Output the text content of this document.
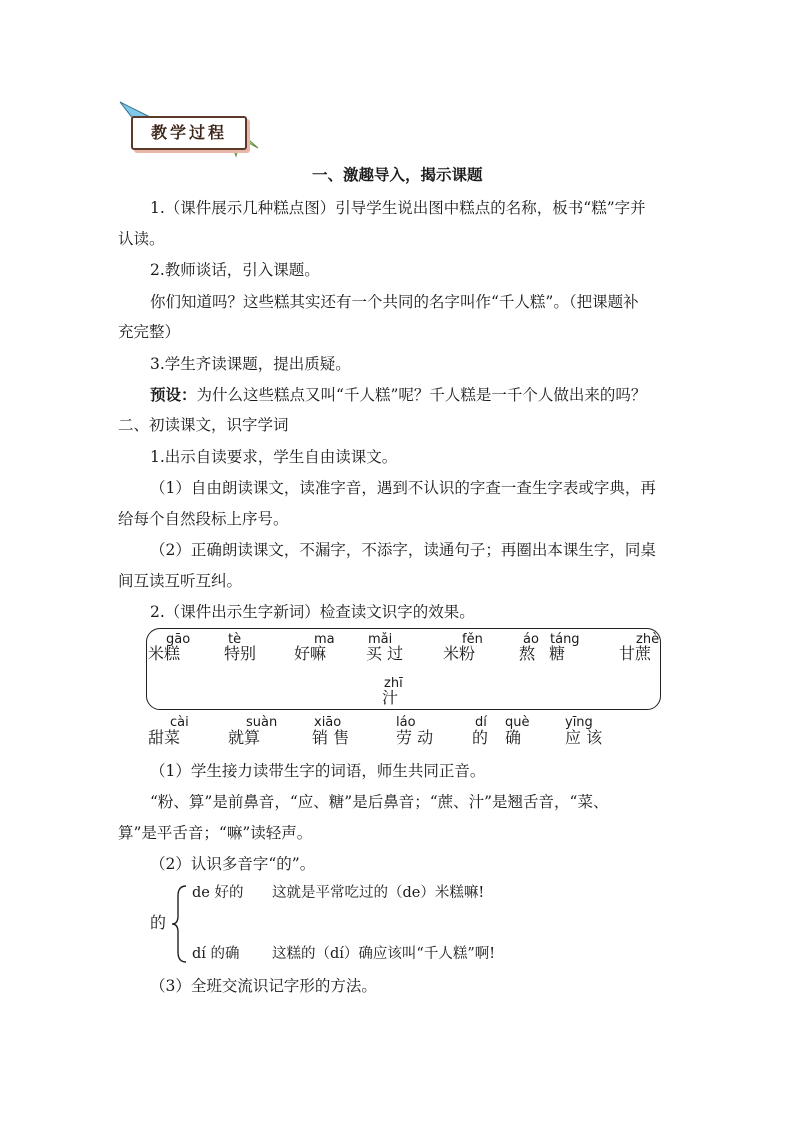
教学过程
一、激趣导入，揭示课题
1.（课件展示几种糕点图）引导学生说出图中糕点的名称，板书“糕”字并
认读。
2.教师谈话，引入课题。
你们知道吗？这些糕其实还有一个共同的名字叫作“千人糕”。（把课题补
充完整）
3.学生齐读课题，提出质疑。
预设：为什么这些糕点又叫“千人糕”呢？千人糕是一千个人做出来的吗？
二、初读课文，识字学词
1.出示自读要求，学生自由读课文。
（1）自由朗读课文，读准字音，遇到不认识的字查一查生字表或字典，再
给每个自然段标上序号。
（2）正确朗读课文，不漏字，不添字，读通句子；再圈出本课生字，同桌
间互读互听互纠。
2.（课件出示生字新词）检查读文识字的效果。
gāo
米糕
tè
特别
ma
好嘛
mǎi
买 过
fěn
米粉
áo
熬
táng
糖
zhè
甘蔗
zhī
汁
cài
甜菜
suàn
就算
xiāo
销 售
láo
劳 动
dí
的
què
确
yīng
应 该
（1）学生接力读带生字的词语，师生共同正音。
“粉、算”是前鼻音，“应、糖”是后鼻音；“蔗、汁”是翘舌音，“菜、
算”是平舌音；“嘛”读轻声。
（2）认识多音字“的”。
的
de 好的 这就是平常吃过的（de）米糕嘛!
dí 的确 这糕的（dí）确应该叫“千人糕”啊!
（3）全班交流识记字形的方法。
